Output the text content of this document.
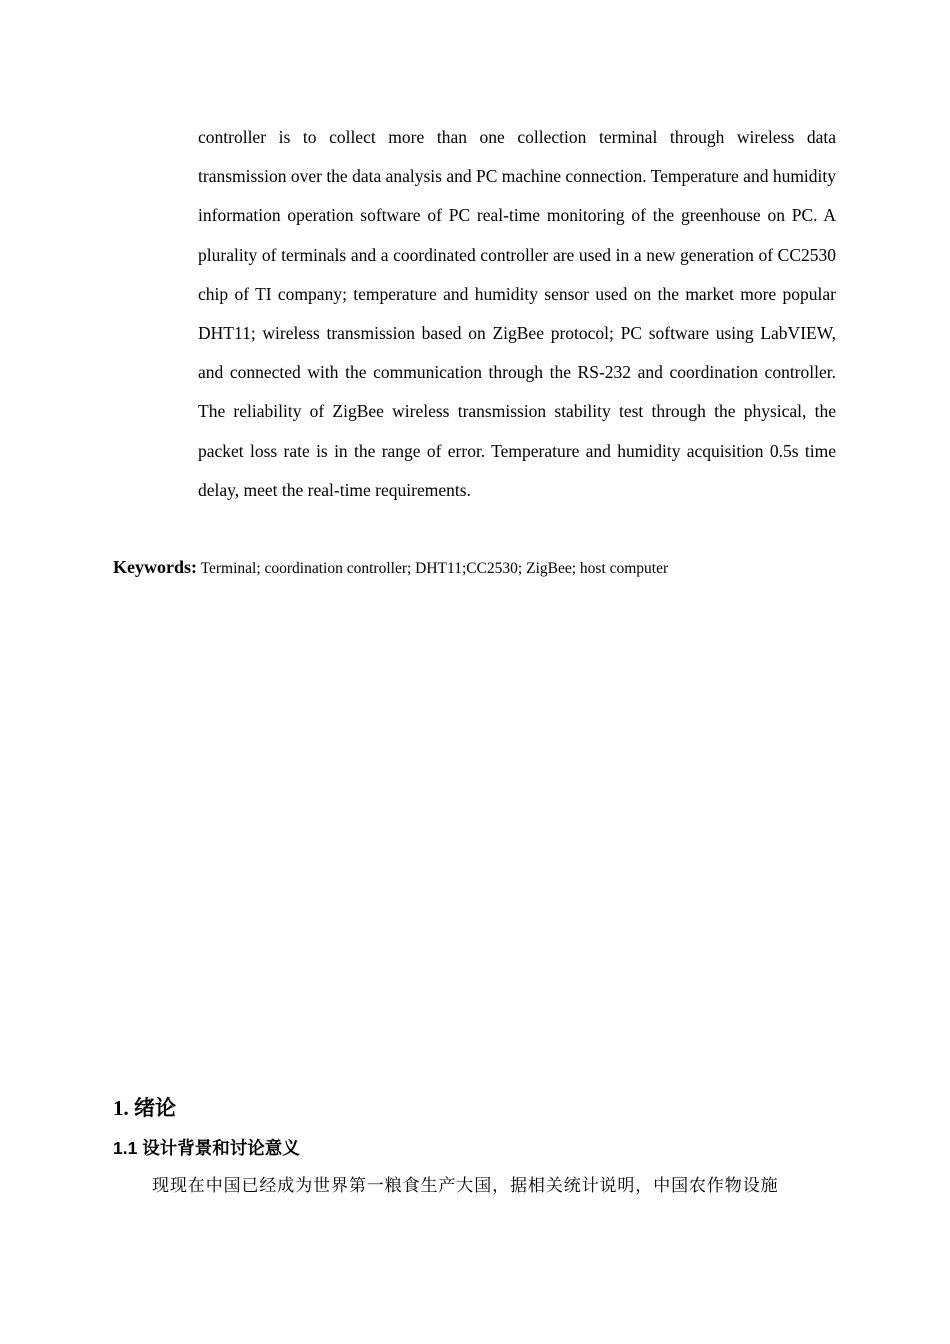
controller is to collect more than one collection terminal through wireless data transmission over the data analysis and PC machine connection. Temperature and humidity information operation software of PC real-time monitoring of the greenhouse on PC. A plurality of terminals and a coordinated controller are used in a new generation of CC2530 chip of TI company; temperature and humidity sensor used on the market more popular DHT11; wireless transmission based on ZigBee protocol; PC software using LabVIEW, and connected with the communication through the RS-232 and coordination controller. The reliability of ZigBee wireless transmission stability test through the physical, the packet loss rate is in the range of error. Temperature and humidity acquisition 0.5s time delay, meet the real-time requirements.

Keywords: Terminal; coordination controller; DHT11;CC2530; ZigBee; host computer

1. 绪论
1.1 设计背景和讨论意义

现现在中国已经成为世界第一粮食生产大国，据相关统计说明，中国农作物设施
